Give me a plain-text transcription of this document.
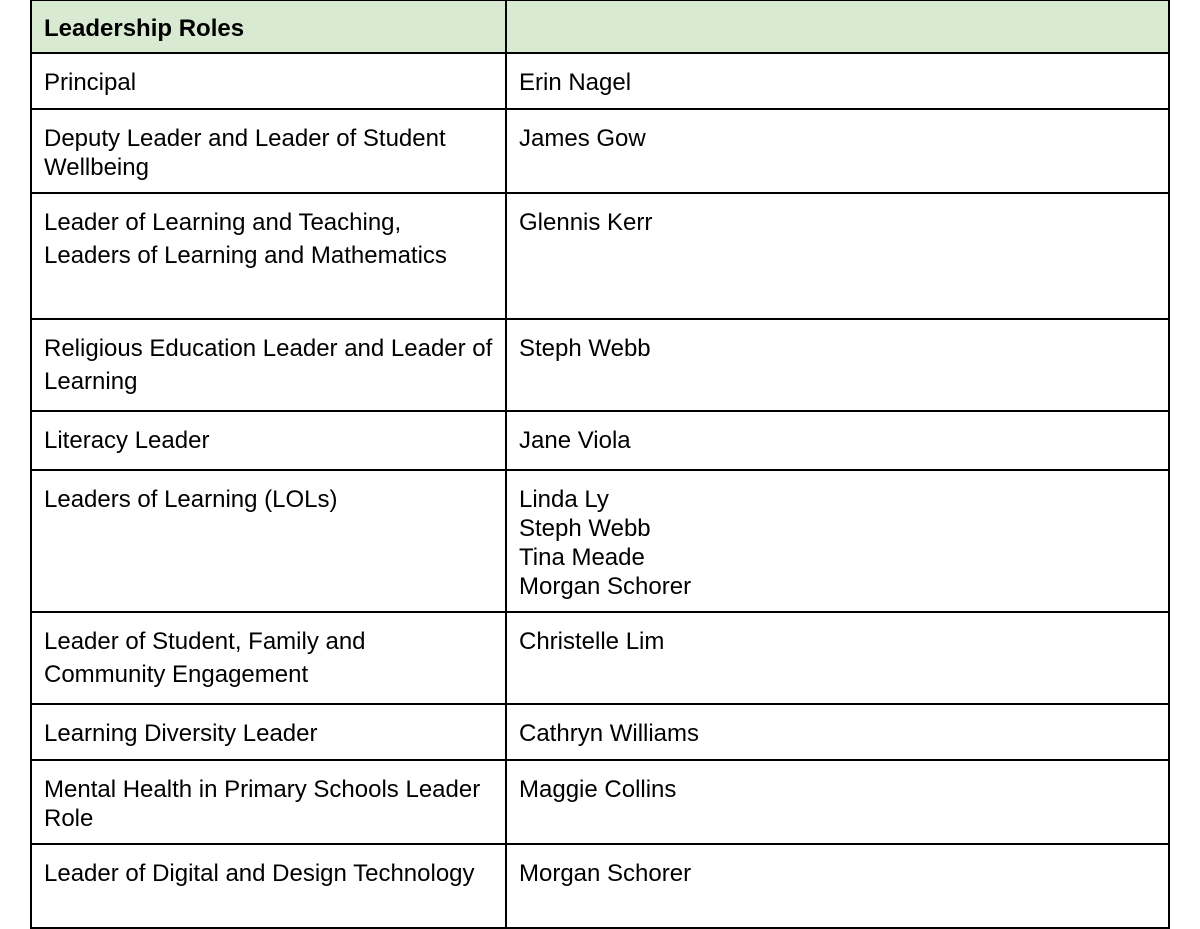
Leadership Roles	
Principal	Erin Nagel

Deputy Leader and Leader of Student Wellbeing	James Gow

Leader of Learning and Teaching, Leaders of Learning and Mathematics	Glennis Kerr

Religious Education Leader and Leader of Learning	Steph Webb

Literacy Leader	Jane Viola

Leaders of Learning (LOLs)	Linda Ly
Steph Webb
Tina Meade
Morgan Schorer

Leader of Student, Family and Community Engagement	Christelle Lim

Learning Diversity Leader	Cathryn Williams

Mental Health in Primary Schools Leader Role	Maggie Collins

Leader of Digital and Design Technology	Morgan Schorer
